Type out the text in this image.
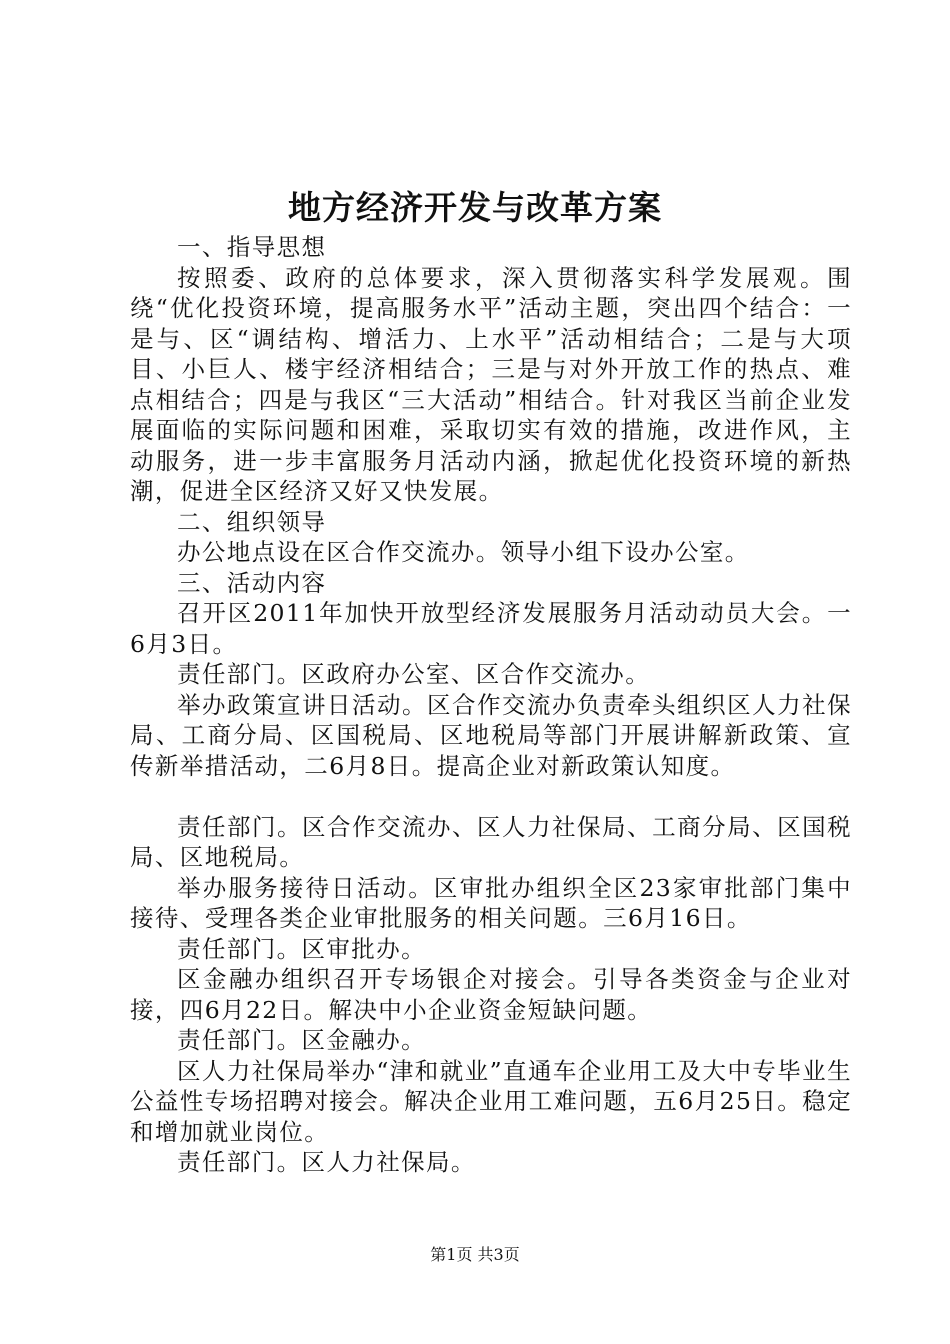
地方经济开发与改革方案

一、指导思想

按照委、政府的总体要求，深入贯彻落实科学发展观。围绕“优化投资环境，提高服务水平”活动主题，突出四个结合：一是与、区“调结构、增活力、上水平”活动相结合；二是与大项目、小巨人、楼宇经济相结合；三是与对外开放工作的热点、难点相结合；四是与我区“三大活动”相结合。针对我区当前企业发展面临的实际问题和困难，采取切实有效的措施，改进作风，主动服务，进一步丰富服务月活动内涵，掀起优化投资环境的新热潮，促进全区经济又好又快发展。

二、组织领导

办公地点设在区合作交流办。领导小组下设办公室。

三、活动内容

召开区2011年加快开放型经济发展服务月活动动员大会。一6月3日。

责任部门。区政府办公室、区合作交流办。

举办政策宣讲日活动。区合作交流办负责牵头组织区人力社保局、工商分局、区国税局、区地税局等部门开展讲解新政策、宣传新举措活动，二6月8日。提高企业对新政策认知度。

责任部门。区合作交流办、区人力社保局、工商分局、区国税局、区地税局。

举办服务接待日活动。区审批办组织全区23家审批部门集中接待、受理各类企业审批服务的相关问题。三6月16日。

责任部门。区审批办。

区金融办组织召开专场银企对接会。引导各类资金与企业对接，四6月22日。解决中小企业资金短缺问题。

责任部门。区金融办。

区人力社保局举办“津和就业”直通车企业用工及大中专毕业生公益性专场招聘对接会。解决企业用工难问题，五6月25日。稳定和增加就业岗位。

责任部门。区人力社保局。

第1页 共3页
